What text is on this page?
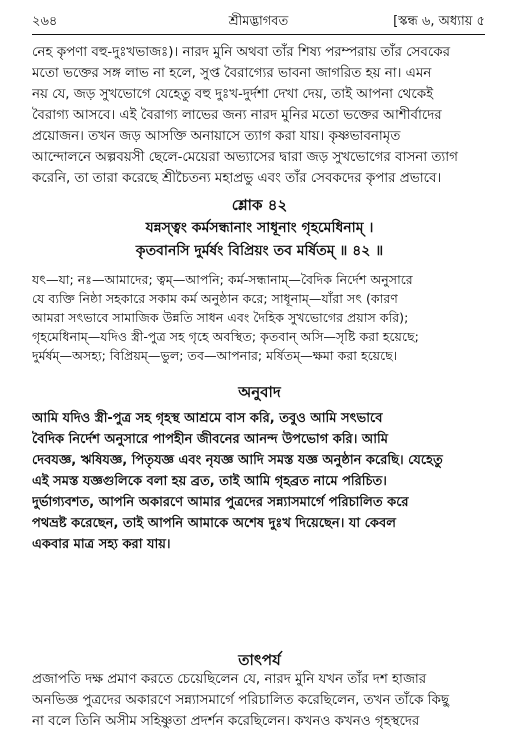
২৬৪	শ্রীমদ্ভাগবত	[স্কন্ধ ৬, অধ্যায় ৫
নেহ কৃপণা বহু-দুঃখভাজঃ)। নারদ মুনি অথবা তাঁর শিষ্য পরম্পরায় তাঁর সেবকের
মতো ভক্তের সঙ্গ লাভ না হলে, সুপ্ত বৈরাগ্যের ভাবনা জাগরিত হয় না। এমন
নয় যে, জড় সুখভোগে যেহেতু বহু দুঃখ-দুর্দশা দেখা দেয়, তাই আপনা থেকেই
বৈরাগ্য আসবে। এই বৈরাগ্য লাভের জন্য নারদ মুনির মতো ভক্তের আশীর্বাদের
প্রয়োজন। তখন জড় আসক্তি অনায়াসে ত্যাগ করা যায়। কৃষ্ণভাবনামৃত
আন্দোলনে অল্পবয়সী ছেলে-মেয়েরা অভ্যাসের দ্বারা জড় সুখভোগের বাসনা ত্যাগ
করেনি, তা তারা করেছে শ্রীচৈতন্য মহাপ্রভু এবং তাঁর সেবকদের কৃপার প্রভাবে।
শ্লোক ৪২
যন্নস্ত্বং কর্মসন্ধানাং সাধূনাং গৃহমেধিনাম্ ।
কৃতবানসি দুর্মর্ষং বিপ্রিয়ং তব মর্ষিতম্ ॥ ৪২ ॥
যৎ—যা; নঃ—আমাদের; ত্বম্—আপনি; কর্ম-সন্ধানাম্—বৈদিক নির্দেশ অনুসারে
যে ব্যক্তি নিষ্ঠা সহকারে সকাম কর্ম অনুষ্ঠান করে; সাধূনাম্—যাঁরা সৎ (কারণ
আমরা সৎভাবে সামাজিক উন্নতি সাধন এবং দৈহিক সুখভোগের প্রয়াস করি);
গৃহমেধিনাম্—যদিও স্ত্রী-পুত্র সহ গৃহে অবস্থিত; কৃতবান্ অসি—সৃষ্টি করা হয়েছে;
দুর্মর্ষম্—অসহ্য; বিপ্রিয়ম্—ভুল; তব—আপনার; মর্ষিতম্—ক্ষমা করা হয়েছে।
অনুবাদ
আমি যদিও স্ত্রী-পুত্র সহ গৃহস্থ আশ্রমে বাস করি, তবুও আমি সৎভাবে
বৈদিক নির্দেশ অনুসারে পাপহীন জীবনের আনন্দ উপভোগ করি। আমি
দেবযজ্ঞ, ঋষিযজ্ঞ, পিতৃযজ্ঞ এবং নৃযজ্ঞ আদি সমস্ত যজ্ঞ অনুষ্ঠান করেছি। যেহেতু
এই সমস্ত যজ্ঞগুলিকে বলা হয় ব্রত, তাই আমি গৃহব্রত নামে পরিচিত।
দুর্ভাগ্যবশত, আপনি অকারণে আমার পুত্রদের সন্ন্যাসমার্গে পরিচালিত করে
পথভ্রষ্ট করেছেন, তাই আপনি আমাকে অশেষ দুঃখ দিয়েছেন। যা কেবল
একবার মাত্র সহ্য করা যায়।
তাৎপর্য
প্রজাপতি দক্ষ প্রমাণ করতে চেয়েছিলেন যে, নারদ মুনি যখন তাঁর দশ হাজার
অনভিজ্ঞ পুত্রদের অকারণে সন্ন্যাসমার্গে পরিচালিত করেছিলেন, তখন তাঁকে কিছু
না বলে তিনি অসীম সহিষ্ণুতা প্রদর্শন করেছিলেন। কখনও কখনও গৃহস্থদের
